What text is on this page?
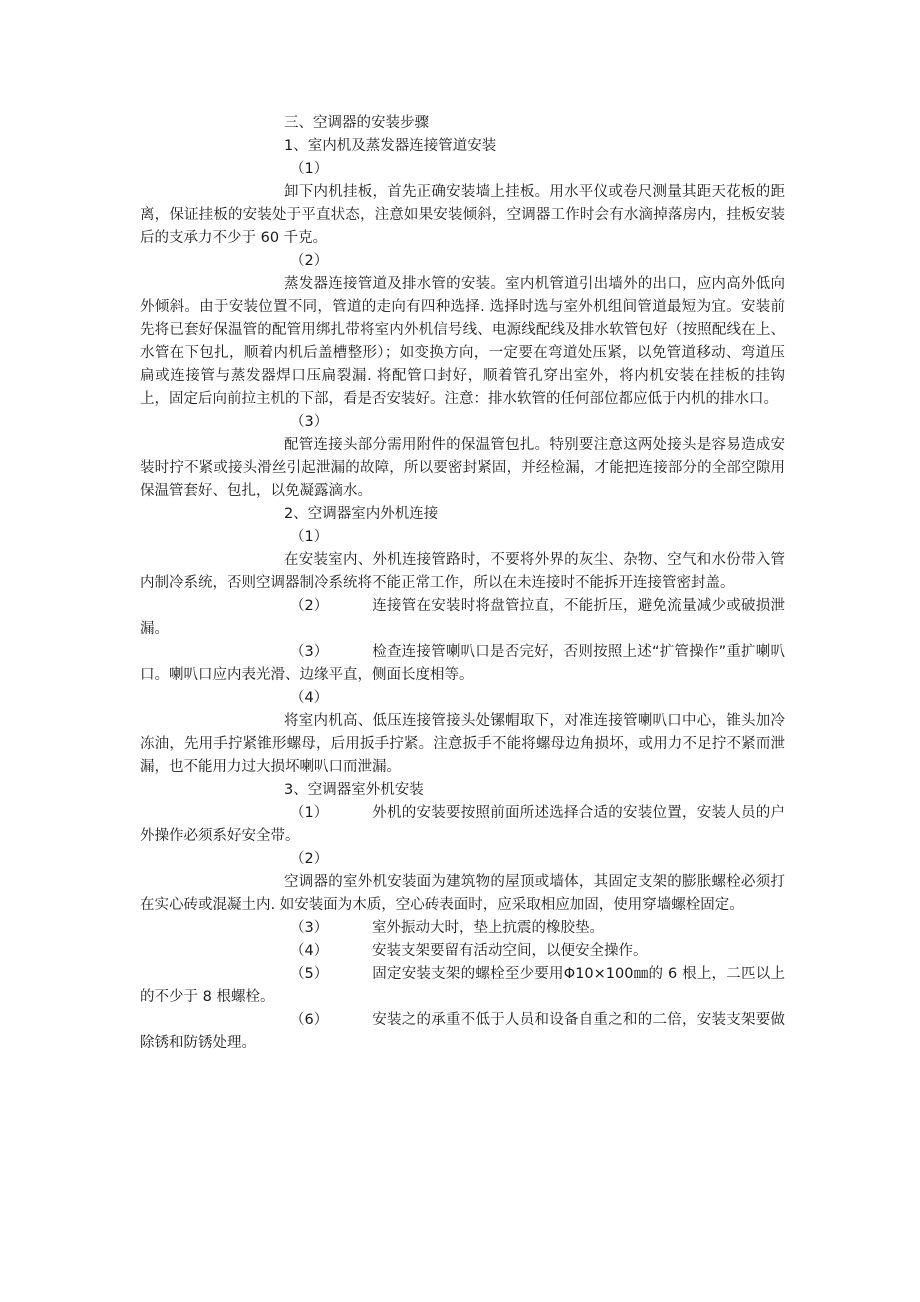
三、空调器的安装步骤
1、室内机及蒸发器连接管道安装
（1）
卸下内机挂板，首先正确安装墙上挂板。用水平仪或卷尺测量其距天花板的距离，保证挂板的安装处于平直状态，注意如果安装倾斜，空调器工作时会有水滴掉落房内，挂板安装后的支承力不少于 60 千克。
（2）
蒸发器连接管道及排水管的安装。室内机管道引出墙外的出口，应内高外低向外倾斜。由于安装位置不同，管道的走向有四种选择. 选择时选与室外机组间管道最短为宜。安装前先将已套好保温管的配管用绑扎带将室内外机信号线、电源线配线及排水软管包好（按照配线在上、水管在下包扎，顺着内机后盖槽整形）；如变换方向，一定要在弯道处压紧，以免管道移动、弯道压扁或连接管与蒸发器焊口压扁裂漏. 将配管口封好，顺着管孔穿出室外，将内机安装在挂板的挂钩上，固定后向前拉主机的下部，看是否安装好。注意：排水软管的任何部位都应低于内机的排水口。
（3）
配管连接头部分需用附件的保温管包扎。特别要注意这两处接头是容易造成安装时拧不紧或接头滑丝引起泄漏的故障，所以要密封紧固，并经检漏，才能把连接部分的全部空隙用保温管套好、包扎，以免凝露滴水。
2、空调器室内外机连接
（1）
在安装室内、外机连接管路时，不要将外界的灰尘、杂物、空气和水份带入管内制冷系统，否则空调器制冷系统将不能正常工作，所以在未连接时不能拆开连接管密封盖。
（2）	连接管在安装时将盘管拉直，不能折压，避免流量减少或破损泄漏。
（3）	检查连接管喇叭口是否完好，否则按照上述“扩管操作”重扩喇叭口。喇叭口应内表光滑、边缘平直，侧面长度相等。
（4）
将室内机高、低压连接管接头处镙帽取下，对准连接管喇叭口中心，锥头加冷冻油，先用手拧紧锥形螺母，后用扳手拧紧。注意扳手不能将螺母边角损坏，或用力不足拧不紧而泄漏，也不能用力过大损坏喇叭口而泄漏。
3、空调器室外机安装
（1）	外机的安装要按照前面所述选择合适的安装位置，安装人员的户外操作必须系好安全带。
（2）
空调器的室外机安装面为建筑物的屋顶或墙体，其固定支架的膨胀螺栓必须打在实心砖或混凝土内. 如安装面为木质，空心砖表面时，应采取相应加固，使用穿墙螺栓固定。
（3）	室外振动大时，垫上抗震的橡胶垫。
（4）	安装支架要留有活动空间，以便安全操作。
（5）	固定安装支架的螺栓至少要用Φ10×100㎜的 6 根上，二匹以上的不少于 8 根螺栓。
（6）	安装之的承重不低于人员和设备自重之和的二倍，安装支架要做除锈和防锈处理。
